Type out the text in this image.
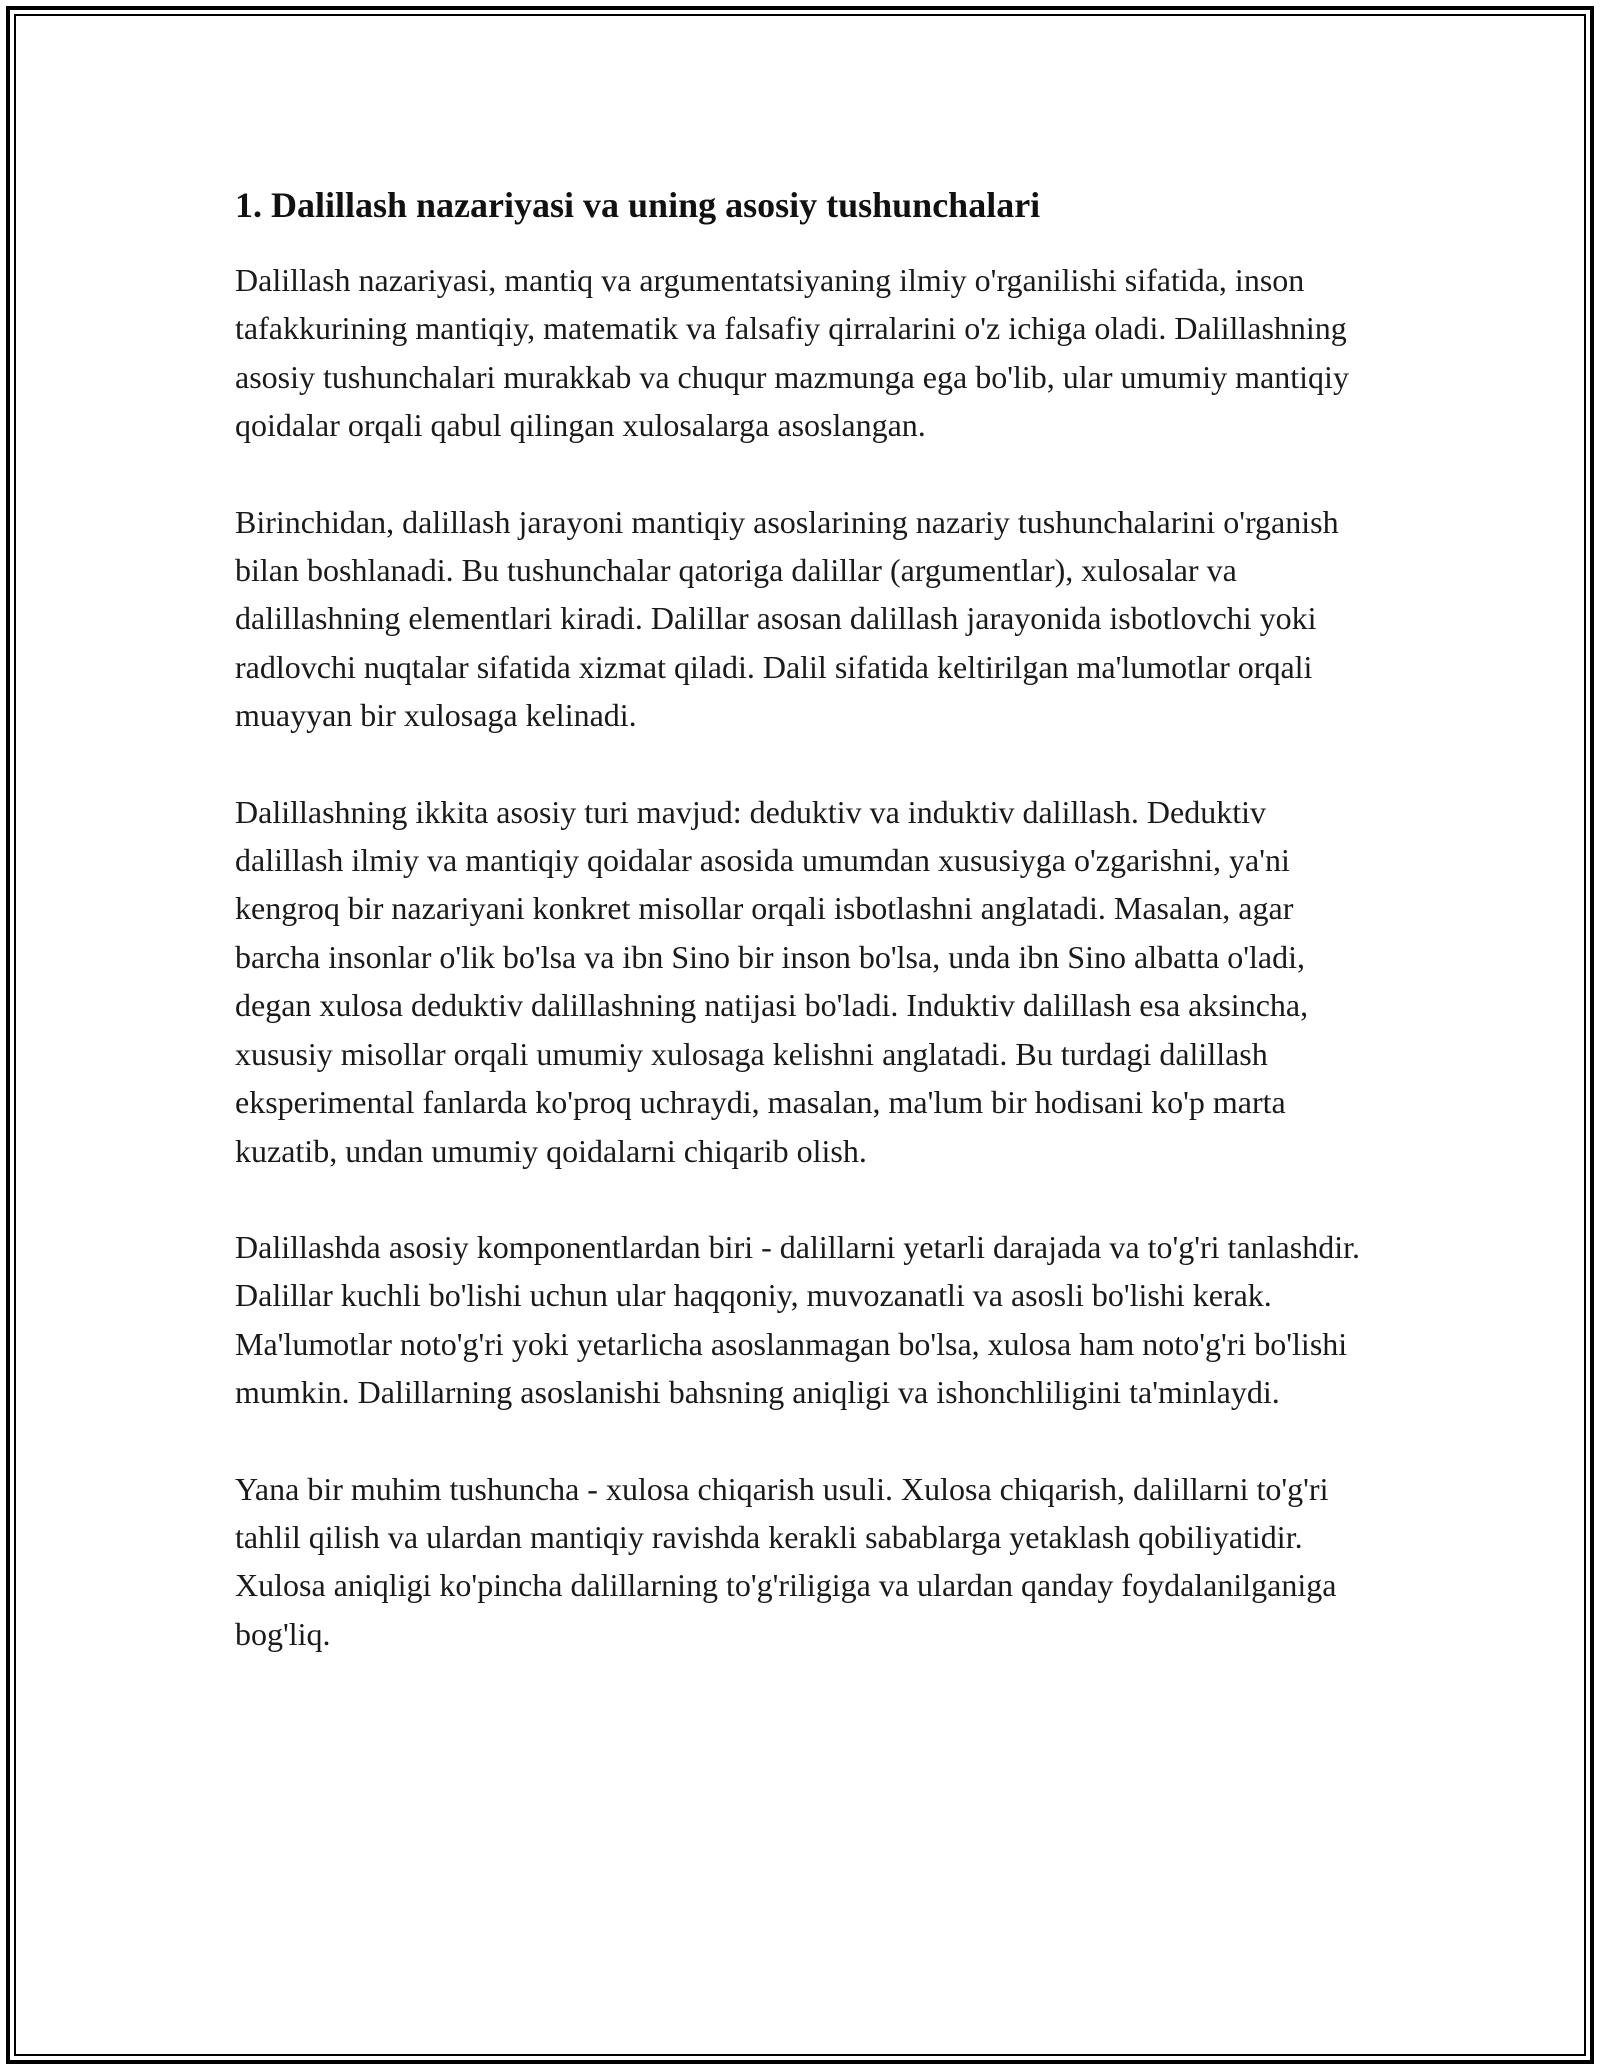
1. Dalillash nazariyasi va uning asosiy tushunchalari

Dalillash nazariyasi, mantiq va argumentatsiyaning ilmiy o'rganilishi sifatida, inson tafakkurining mantiqiy, matematik va falsafiy qirralarini o'z ichiga oladi. Dalillashning asosiy tushunchalari murakkab va chuqur mazmunga ega bo'lib, ular umumiy mantiqiy qoidalar orqali qabul qilingan xulosalarga asoslangan.

Birinchidan, dalillash jarayoni mantiqiy asoslarining nazariy tushunchalarini o'rganish bilan boshlanadi. Bu tushunchalar qatoriga dalillar (argumentlar), xulosalar va dalillashning elementlari kiradi. Dalillar asosan dalillash jarayonida isbotlovchi yoki radlovchi nuqtalar sifatida xizmat qiladi. Dalil sifatida keltirilgan ma'lumotlar orqali muayyan bir xulosaga kelinadi.

Dalillashning ikkita asosiy turi mavjud: deduktiv va induktiv dalillash. Deduktiv dalillash ilmiy va mantiqiy qoidalar asosida umumdan xususiyga o'zgarishni, ya'ni kengroq bir nazariyani konkret misollar orqali isbotlashni anglatadi. Masalan, agar barcha insonlar o'lik bo'lsa va ibn Sino bir inson bo'lsa, unda ibn Sino albatta o'ladi, degan xulosa deduktiv dalillashning natijasi bo'ladi. Induktiv dalillash esa aksincha, xususiy misollar orqali umumiy xulosaga kelishni anglatadi. Bu turdagi dalillash eksperimental fanlarda ko'proq uchraydi, masalan, ma'lum bir hodisani ko'p marta kuzatib, undan umumiy qoidalarni chiqarib olish.

Dalillashda asosiy komponentlardan biri - dalillarni yetarli darajada va to'g'ri tanlashdir. Dalillar kuchli bo'lishi uchun ular haqqoniy, muvozanatli va asosli bo'lishi kerak. Ma'lumotlar noto'g'ri yoki yetarlicha asoslanmagan bo'lsa, xulosa ham noto'g'ri bo'lishi mumkin. Dalillarning asoslanishi bahsning aniqligi va ishonchliligini ta'minlaydi.

Yana bir muhim tushuncha - xulosa chiqarish usuli. Xulosa chiqarish, dalillarni to'g'ri tahlil qilish va ulardan mantiqiy ravishda kerakli sabablarga yetaklash qobiliyatidir. Xulosa aniqligi ko'pincha dalillarning to'g'riligiga va ulardan qanday foydalanilganiga bog'liq.
